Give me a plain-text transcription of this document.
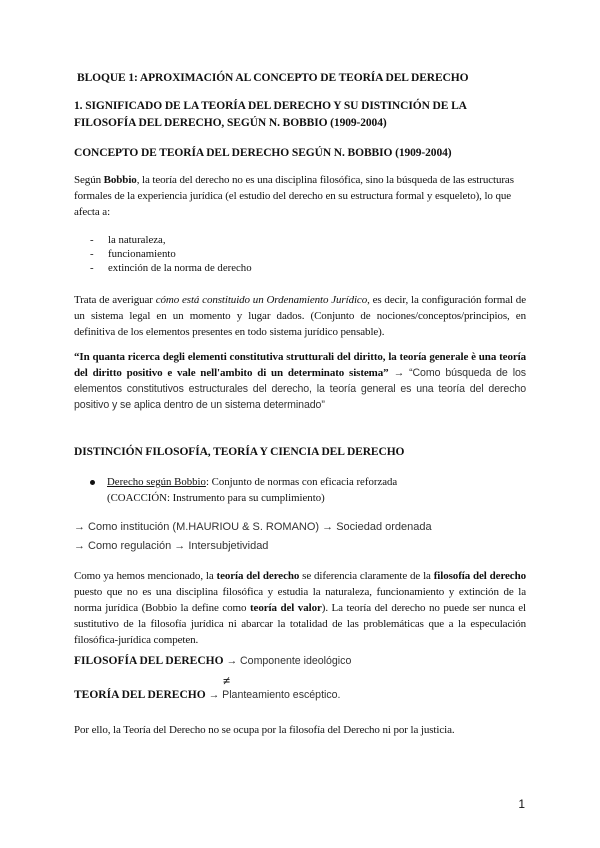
BLOQUE 1: APROXIMACIÓN AL CONCEPTO DE TEORÍA DEL DERECHO
1. SIGNIFICADO DE LA TEORÍA DEL DERECHO Y SU DISTINCIÓN DE LA FILOSOFÍA DEL DERECHO, SEGÚN N. BOBBIO (1909-2004)
CONCEPTO DE TEORÍA DEL DERECHO SEGÚN N. BOBBIO (1909-2004)
Según Bobbio, la teoría del derecho no es una disciplina filosófica, sino la búsqueda de las estructuras formales de la experiencia jurídica (el estudio del derecho en su estructura formal y esqueleto), lo que afecta a:
- la naturaleza,
- funcionamiento
- extinción de la norma de derecho
Trata de averiguar cómo está constituido un Ordenamiento Jurídico, es decir, la configuración formal de un sistema legal en un momento y lugar dados. (Conjunto de nociones/conceptos/principios, en definitiva de los elementos presentes en todo sistema jurídico pensable).
“In quanta ricerca degli elementi constitutiva strutturali del diritto, la teoría generale è una teoría del diritto positivo e vale nell'ambito di un determinato sistema” → “Como búsqueda de los elementos constitutivos estructurales del derecho, la teoría general es una teoría del derecho positivo y se aplica dentro de un sistema determinado”
DISTINCIÓN FILOSOFÍA, TEORÍA Y CIENCIA DEL DERECHO
Derecho según Bobbio: Conjunto de normas con eficacia reforzada
(COACCIÓN: Instrumento para su cumplimiento)
→ Como institución (M.HAURIOU & S. ROMANO) → Sociedad ordenada
→ Como regulación → Intersubjetividad
Como ya hemos mencionado, la teoría del derecho se diferencia claramente de la filosofía del derecho puesto que no es una disciplina filosófica y estudia la naturaleza, funcionamiento y extinción de la norma jurídica (Bobbio la define como teoría del valor). La teoría del derecho no puede ser nunca el sustitutivo de la filosofía jurídica ni abarcar la totalidad de las problemáticas que a la especulación filosófica-jurídica competen.
FILOSOFÍA DEL DERECHO → Componente ideológico
≠
TEORÍA DEL DERECHO → Planteamiento escéptico.
Por ello, la Teoría del Derecho no se ocupa por la filosofía del Derecho ni por la justicia.
1
